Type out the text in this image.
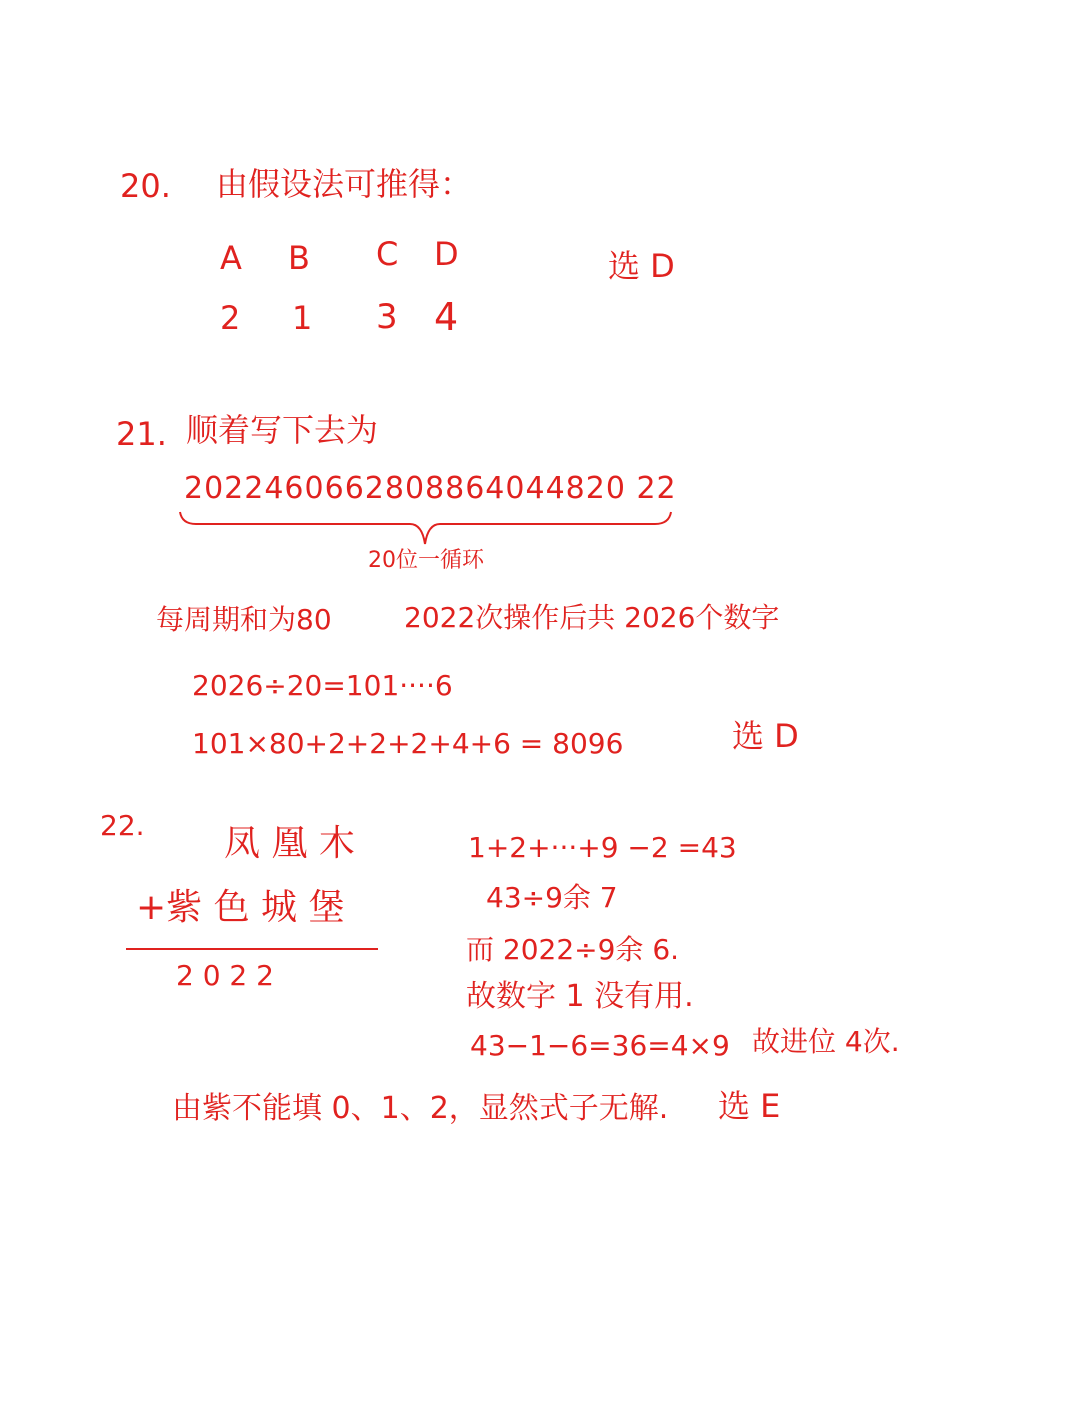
20. 由假设法可推得：
A B C D
2 1 3 4
选 D
21. 顺着写下去为
2022460662808864044820 22
20位一循环
每周期和为80	2022次操作后共 2026个数字
2026÷20=101····6
101×80+2+2+2+4+6 = 8096	选 D
22. 凤 凰 木
+紫 色 城 堡
2 0 2 2
1+2+···+9 −2 =43
43÷9余 7
而 2022÷9余 6.
故数字 1 没有用.
43−1−6=36=4×9 故进位 4次.
由紫不能填 0、1、2，显然式子无解. 选 E
